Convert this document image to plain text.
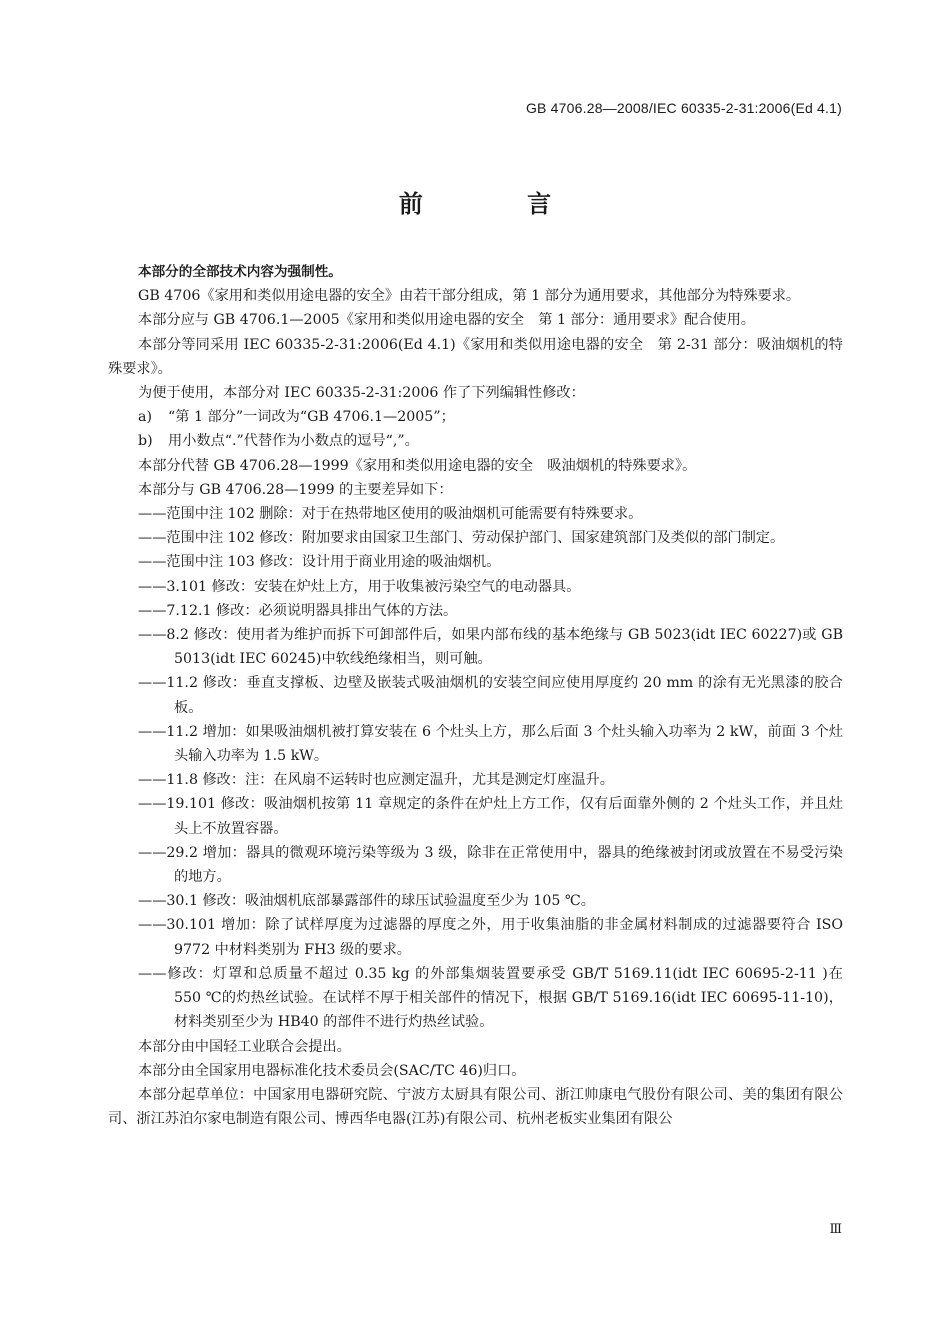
GB 4706.28—2008/IEC 60335-2-31:2006(Ed 4.1)
前 言
本部分的全部技术内容为强制性。
GB 4706《家用和类似用途电器的安全》由若干部分组成，第 1 部分为通用要求，其他部分为特殊要求。
本部分应与 GB 4706.1—2005《家用和类似用途电器的安全　第 1 部分：通用要求》配合使用。
本部分等同采用 IEC 60335-2-31:2006(Ed 4.1)《家用和类似用途电器的安全　第 2-31 部分：吸油烟机的特殊要求》。
为便于使用，本部分对 IEC 60335-2-31:2006 作了下列编辑性修改：
a) “第 1 部分”一词改为“GB 4706.1—2005”；
b) 用小数点“.”代替作为小数点的逗号“,”。
本部分代替 GB 4706.28—1999《家用和类似用途电器的安全　吸油烟机的特殊要求》。
本部分与 GB 4706.28—1999 的主要差异如下：
——范围中注 102 删除：对于在热带地区使用的吸油烟机可能需要有特殊要求。
——范围中注 102 修改：附加要求由国家卫生部门、劳动保护部门、国家建筑部门及类似的部门制定。
——范围中注 103 修改：设计用于商业用途的吸油烟机。
——3.101 修改：安装在炉灶上方，用于收集被污染空气的电动器具。
——7.12.1 修改：必须说明器具排出气体的方法。
——8.2 修改：使用者为维护而拆下可卸部件后，如果内部布线的基本绝缘与 GB 5023(idt IEC 60227)或 GB 5013(idt IEC 60245)中软线绝缘相当，则可触。
——11.2 修改：垂直支撑板、边壁及嵌装式吸油烟机的安装空间应使用厚度约 20 mm 的涂有无光黑漆的胶合板。
——11.2 增加：如果吸油烟机被打算安装在 6 个灶头上方，那么后面 3 个灶头输入功率为 2 kW，前面 3 个灶头输入功率为 1.5 kW。
——11.8 修改：注：在风扇不运转时也应测定温升，尤其是测定灯座温升。
——19.101 修改：吸油烟机按第 11 章规定的条件在炉灶上方工作，仅有后面靠外侧的 2 个灶头工作，并且灶头上不放置容器。
——29.2 增加：器具的微观环境污染等级为 3 级，除非在正常使用中，器具的绝缘被封闭或放置在不易受污染的地方。
——30.1 修改：吸油烟机底部暴露部件的球压试验温度至少为 105 ℃。
——30.101 增加：除了试样厚度为过滤器的厚度之外，用于收集油脂的非金属材料制成的过滤器要符合 ISO 9772 中材料类别为 FH3 级的要求。
——修改：灯罩和总质量不超过 0.35 kg 的外部集烟装置要承受 GB/T 5169.11(idt IEC 60695-2-11 )在 550 ℃的灼热丝试验。在试样不厚于相关部件的情况下，根据 GB/T 5169.16(idt IEC 60695-11-10)，材料类别至少为 HB40 的部件不进行灼热丝试验。
本部分由中国轻工业联合会提出。
本部分由全国家用电器标准化技术委员会(SAC/TC 46)归口。
本部分起草单位：中国家用电器研究院、宁波方太厨具有限公司、浙江帅康电气股份有限公司、美的集团有限公司、浙江苏泊尔家电制造有限公司、博西华电器(江苏)有限公司、杭州老板实业集团有限公
Ⅲ
